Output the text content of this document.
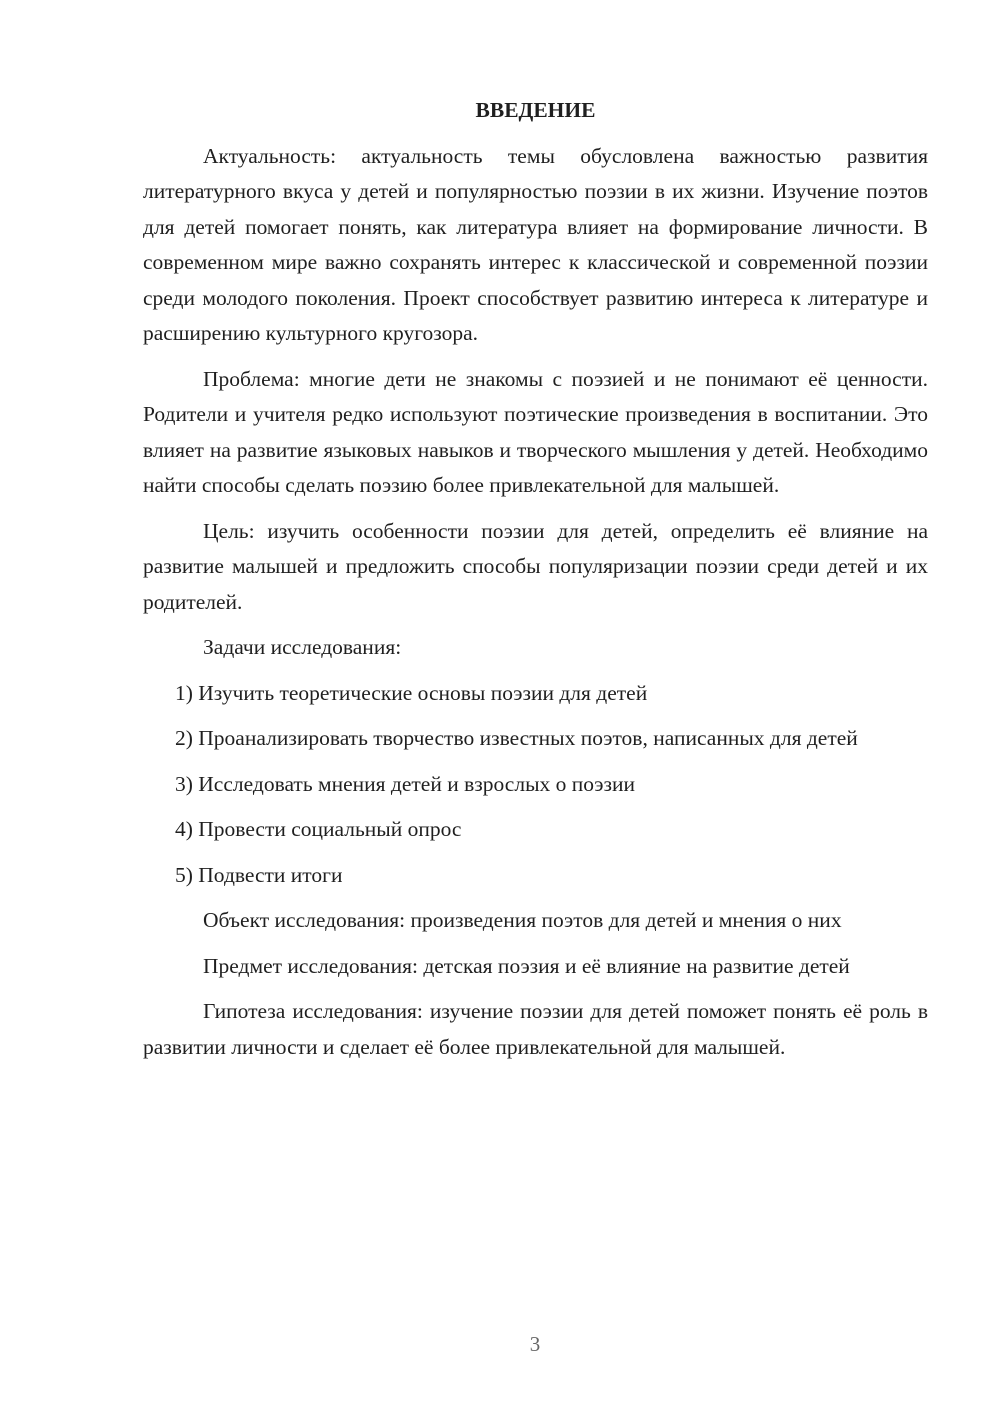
ВВЕДЕНИЕ

Актуальность: актуальность темы обусловлена важностью развития литературного вкуса у детей и популярностью поэзии в их жизни. Изучение поэтов для детей помогает понять, как литература влияет на формирование личности. В современном мире важно сохранять интерес к классической и современной поэзии среди молодого поколения. Проект способствует развитию интереса к литературе и расширению культурного кругозора.

Проблема: многие дети не знакомы с поэзией и не понимают её ценности. Родители и учителя редко используют поэтические произведения в воспитании. Это влияет на развитие языковых навыков и творческого мышления у детей. Необходимо найти способы сделать поэзию более привлекательной для малышей.

Цель: изучить особенности поэзии для детей, определить её влияние на развитие малышей и предложить способы популяризации поэзии среди детей и их родителей.

Задачи исследования:

1) Изучить теоретические основы поэзии для детей

2) Проанализировать творчество известных поэтов, написанных для детей

3) Исследовать мнения детей и взрослых о поэзии

4) Провести социальный опрос

5) Подвести итоги

Объект исследования: произведения поэтов для детей и мнения о них

Предмет исследования: детская поэзия и её влияние на развитие детей

Гипотеза исследования: изучение поэзии для детей поможет понять её роль в развитии личности и сделает её более привлекательной для малышей.

3
